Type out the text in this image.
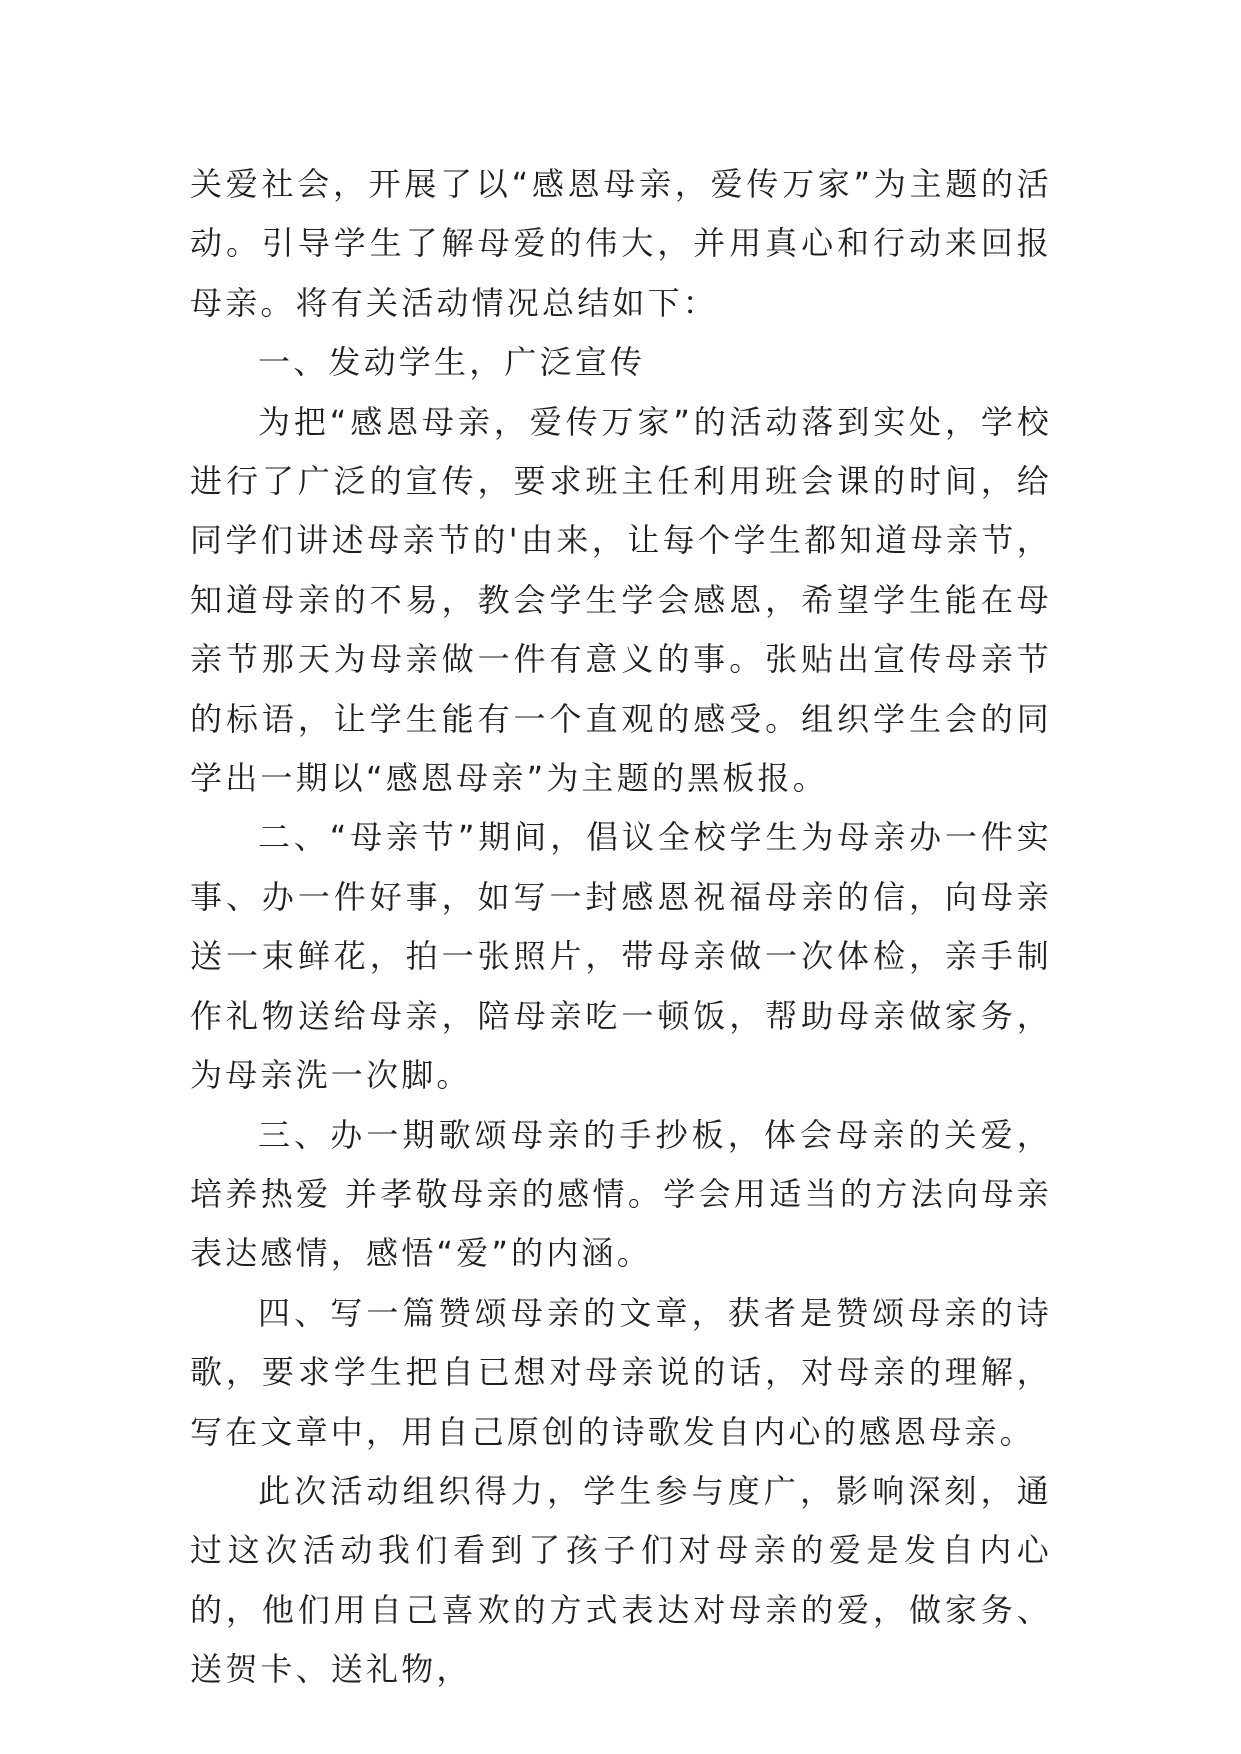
关爱社会，开展了以“感恩母亲，爱传万家”为主题的活动。引导学生了解母爱的伟大，并用真心和行动来回报母亲。将有关活动情况总结如下：

一、发动学生，广泛宣传

为把“感恩母亲，爱传万家”的活动落到实处，学校进行了广泛的宣传，要求班主任利用班会课的时间，给同学们讲述母亲节的'由来，让每个学生都知道母亲节，知道母亲的不易，教会学生学会感恩，希望学生能在母亲节那天为母亲做一件有意义的事。张贴出宣传母亲节的标语，让学生能有一个直观的感受。组织学生会的同学出一期以“感恩母亲”为主题的黑板报。

二、“母亲节”期间，倡议全校学生为母亲办一件实事、办一件好事，如写一封感恩祝福母亲的信，向母亲送一束鲜花，拍一张照片，带母亲做一次体检，亲手制作礼物送给母亲，陪母亲吃一顿饭，帮助母亲做家务，为母亲洗一次脚。

三、办一期歌颂母亲的手抄板，体会母亲的关爱，培养热爱 并孝敬母亲的感情。学会用适当的方法向母亲表达感情，感悟“爱”的内涵。

四、写一篇赞颂母亲的文章，获者是赞颂母亲的诗歌，要求学生把自已想对母亲说的话，对母亲的理解，写在文章中，用自己原创的诗歌发自内心的感恩母亲。

此次活动组织得力，学生参与度广，影响深刻，通过这次活动我们看到了孩子们对母亲的爱是发自内心的，他们用自己喜欢的方式表达对母亲的爱，做家务、送贺卡、送礼物，
